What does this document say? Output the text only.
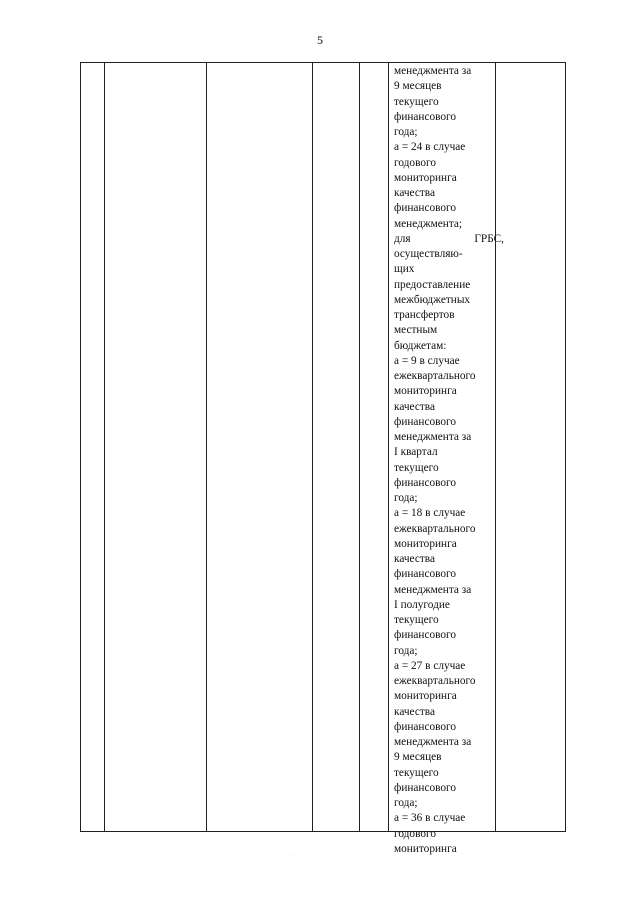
5
менеджмента за
9 месяцев
текущего
финансового
года;
а = 24 в случае
годового
мониторинга
качества
финансового
менеджмента;
для	ГРБС,
осуществляю-
щих
предоставление
межбюджетных
трансфертов
местным
бюджетам:
а = 9 в случае
ежеквартального
мониторинга
качества
финансового
менеджмента за
I квартал
текущего
финансового
года;
а = 18 в случае
ежеквартального
мониторинга
качества
финансового
менеджмента за
I полугодие
текущего
финансового
года;
а = 27 в случае
ежеквартального
мониторинга
качества
финансового
менеджмента за
9 месяцев
текущего
финансового
года;
а = 36 в случае
годового
мониторинга
